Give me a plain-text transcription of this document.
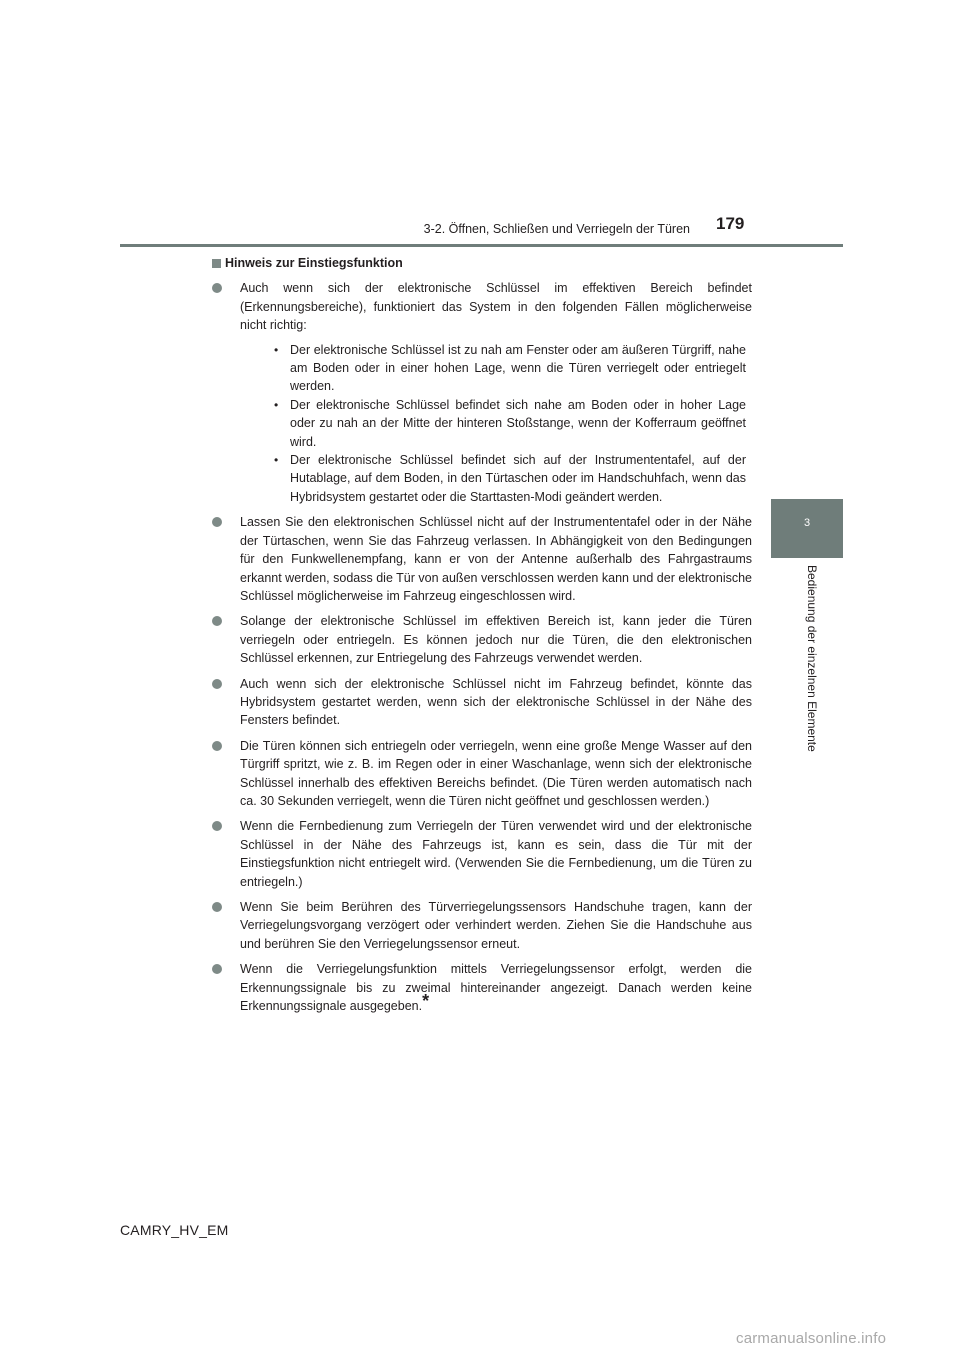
3-2. Öffnen, Schließen und Verriegeln der Türen 179
3
Bedienung der einzelnen Elemente
Hinweis zur Einstiegsfunktion
Auch wenn sich der elektronische Schlüssel im effektiven Bereich befindet (Erkennungsbereiche), funktioniert das System in den folgenden Fällen möglicherweise nicht richtig:
• Der elektronische Schlüssel ist zu nah am Fenster oder am äußeren Türgriff, nahe am Boden oder in einer hohen Lage, wenn die Türen verriegelt oder entriegelt werden.
• Der elektronische Schlüssel befindet sich nahe am Boden oder in hoher Lage oder zu nah an der Mitte der hinteren Stoßstange, wenn der Kofferraum geöffnet wird.
• Der elektronische Schlüssel befindet sich auf der Instrumententafel, auf der Hutablage, auf dem Boden, in den Türtaschen oder im Handschuhfach, wenn das Hybridsystem gestartet oder die Starttasten-Modi geändert werden.
Lassen Sie den elektronischen Schlüssel nicht auf der Instrumententafel oder in der Nähe der Türtaschen, wenn Sie das Fahrzeug verlassen. In Abhängigkeit von den Bedingungen für den Funkwellenempfang, kann er von der Antenne außerhalb des Fahrgastraums erkannt werden, sodass die Tür von außen verschlossen werden kann und der elektronische Schlüssel möglicherweise im Fahrzeug eingeschlossen wird.
Solange der elektronische Schlüssel im effektiven Bereich ist, kann jeder die Türen verriegeln oder entriegeln. Es können jedoch nur die Türen, die den elektronischen Schlüssel erkennen, zur Entriegelung des Fahrzeugs verwendet werden.
Auch wenn sich der elektronische Schlüssel nicht im Fahrzeug befindet, könnte das Hybridsystem gestartet werden, wenn sich der elektronische Schlüssel in der Nähe des Fensters befindet.
Die Türen können sich entriegeln oder verriegeln, wenn eine große Menge Wasser auf den Türgriff spritzt, wie z. B. im Regen oder in einer Waschanlage, wenn sich der elektronische Schlüssel innerhalb des effektiven Bereichs befindet. (Die Türen werden automatisch nach ca. 30 Sekunden verriegelt, wenn die Türen nicht geöffnet und geschlossen werden.)
Wenn die Fernbedienung zum Verriegeln der Türen verwendet wird und der elektronische Schlüssel in der Nähe des Fahrzeugs ist, kann es sein, dass die Tür mit der Einstiegsfunktion nicht entriegelt wird. (Verwenden Sie die Fernbedienung, um die Türen zu entriegeln.)
Wenn Sie beim Berühren des Türverriegelungssensors Handschuhe tragen, kann der Verriegelungsvorgang verzögert oder verhindert werden. Ziehen Sie die Handschuhe aus und berühren Sie den Verriegelungssensor erneut.
Wenn die Verriegelungsfunktion mittels Verriegelungssensor erfolgt, werden die Erkennungssignale bis zu zweimal hintereinander angezeigt. Danach werden keine Erkennungssignale ausgegeben.*
CAMRY_HV_EM
carmanualsonline.info
